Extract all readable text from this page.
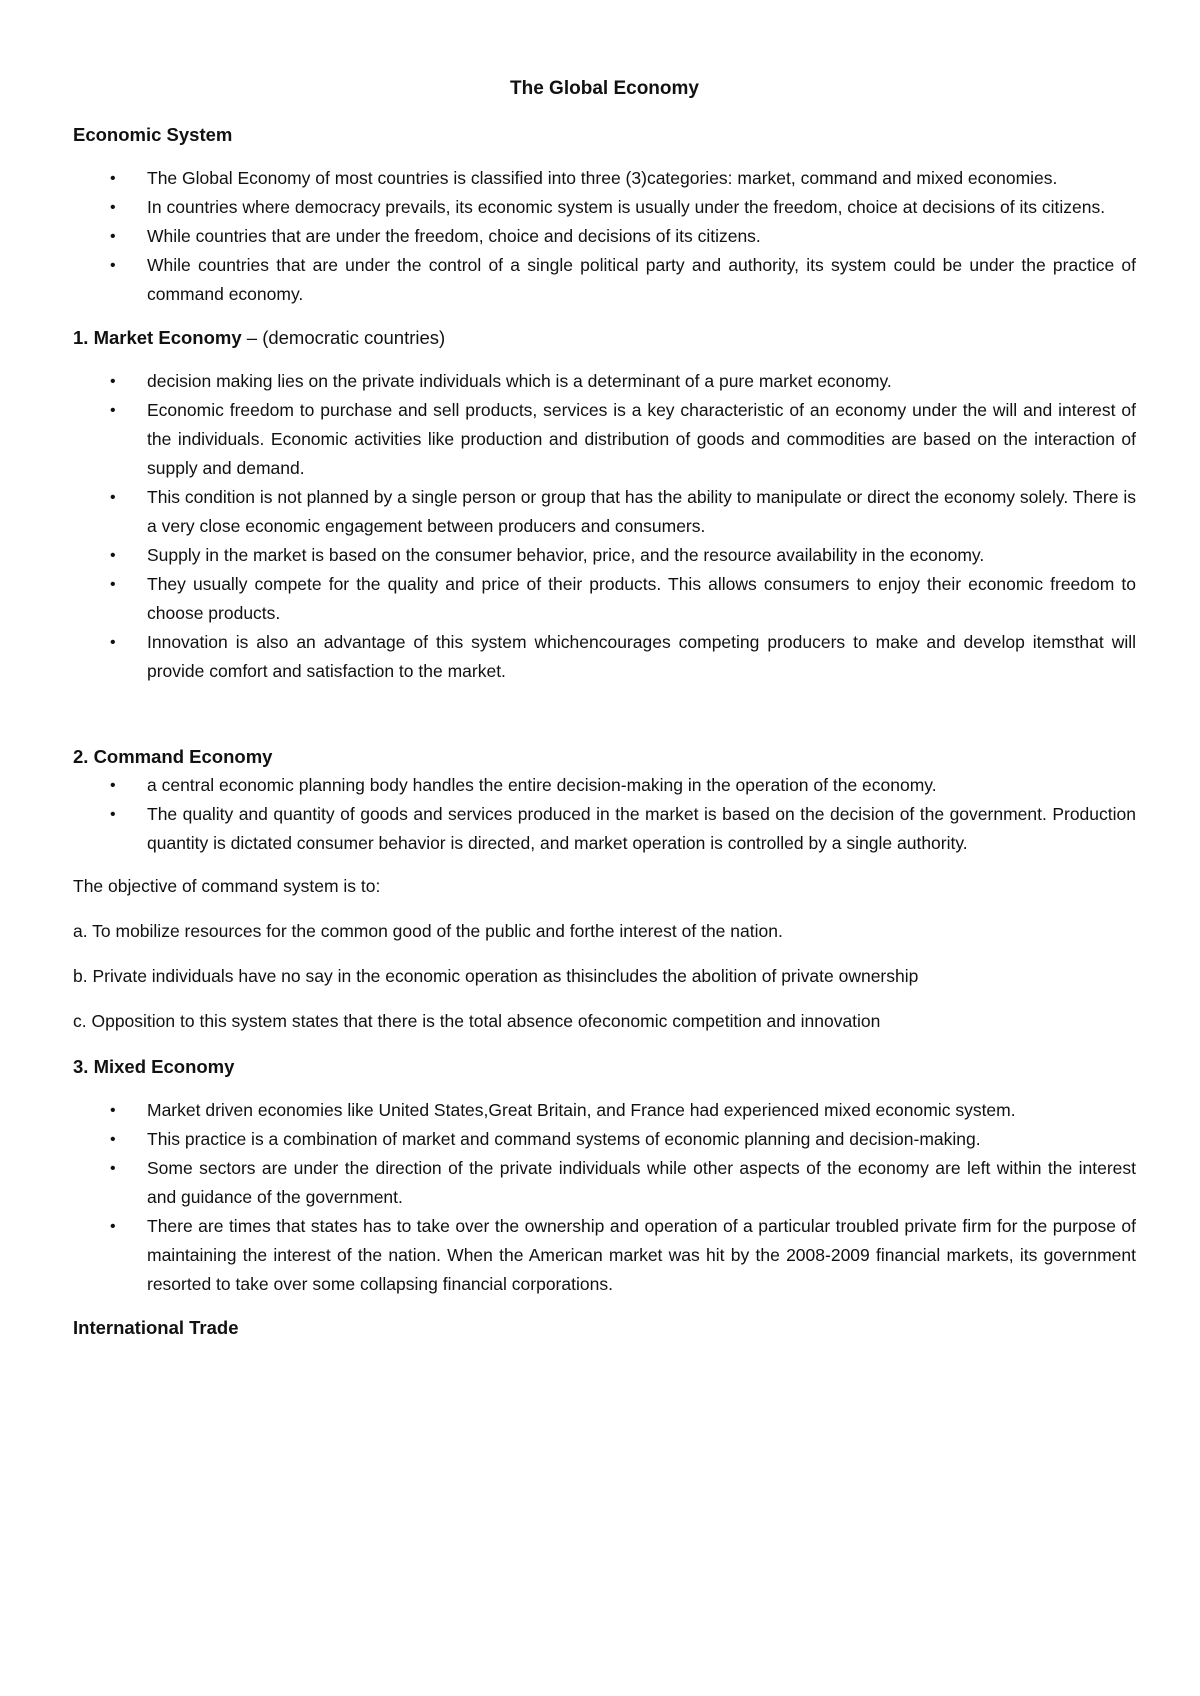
The Global Economy
Economic System
• The Global Economy of most countries is classified into three (3)categories: market, command and mixed economies.
• In countries where democracy prevails, its economic system is usually under the freedom, choice at decisions of its citizens.
• While countries that are under the freedom, choice and decisions of its citizens.
• While countries that are under the control of a single political party and authority, its system could be under the practice of command economy.
1. Market Economy – (democratic countries)
• decision making lies on the private individuals which is a determinant of a pure market economy.
• Economic freedom to purchase and sell products, services is a key characteristic of an economy under the will and interest of the individuals. Economic activities like production and distribution of goods and commodities are based on the interaction of supply and demand.
• This condition is not planned by a single person or group that has the ability to manipulate or direct the economy solely. There is a very close economic engagement between producers and consumers.
• Supply in the market is based on the consumer behavior, price, and the resource availability in the economy.
• They usually compete for the quality and price of their products. This allows consumers to enjoy their economic freedom to choose products.
• Innovation is also an advantage of this system whichencourages competing producers to make and develop itemsthat will provide comfort and satisfaction to the market.
2. Command Economy
• a central economic planning body handles the entire decision-making in the operation of the economy.
• The quality and quantity of goods and services produced in the market is based on the decision of the government. Production quantity is dictated consumer behavior is directed, and market operation is controlled by a single authority.
The objective of command system is to:
a. To mobilize resources for the common good of the public and forthe interest of the nation.
b. Private individuals have no say in the economic operation as thisincludes the abolition of private ownership
c. Opposition to this system states that there is the total absence ofeconomic competition and innovation
3. Mixed Economy
• Market driven economies like United States,Great Britain, and France had experienced mixed economic system.
• This practice is a combination of market and command systems of economic planning and decision-making.
• Some sectors are under the direction of the private individuals while other aspects of the economy are left within the interest and guidance of the government.
• There are times that states has to take over the ownership and operation of a particular troubled private firm for the purpose of maintaining the interest of the nation. When the American market was hit by the 2008-2009 financial markets, its government resorted to take over some collapsing financial corporations.
International Trade
